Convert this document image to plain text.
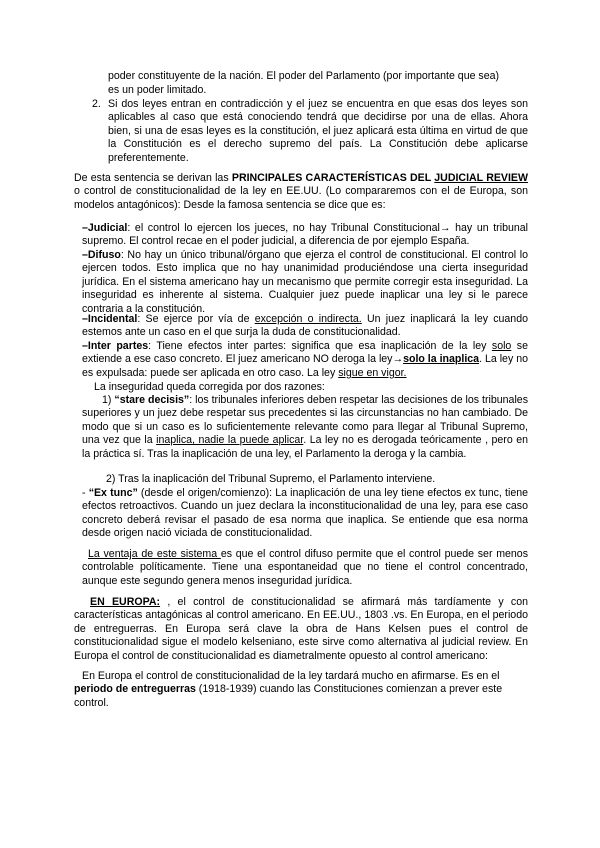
poder constituyente de la nación. El poder del Parlamento (por importante que sea)

es un poder limitado.

2. Si dos leyes entran en contradicción y el juez se encuentra en que esas dos leyes son aplicables al caso que está conociendo tendrá que decidirse por una de ellas. Ahora bien, si una de esas leyes es la constitución, el juez aplicará esta última en virtud de que la Constitución es el derecho supremo del país. La Constitución debe aplicarse preferentemente.

De esta sentencia se derivan las PRINCIPALES CARACTERÍSTICAS DEL JUDICIAL REVIEW o control de constitucionalidad de la ley en EE.UU. (Lo compararemos con el de Europa, son modelos antagónicos): Desde la famosa sentencia se dice que es:

–Judicial: el control lo ejercen los jueces, no hay Tribunal Constitucional→ hay un tribunal supremo. El control recae en el poder judicial, a diferencia de por ejemplo España.

–Difuso: No hay un único tribunal/órgano que ejerza el control de constitucional. El control lo ejercen todos. Esto implica que no hay unanimidad produciéndose una cierta inseguridad jurídica. En el sistema americano hay un mecanismo que permite corregir esta inseguridad. La inseguridad es inherente al sistema. Cualquier juez puede inaplicar una ley si le parece contraria a la constitución.

–Incidental: Se ejerce por vía de excepción o indirecta. Un juez inaplicará la ley cuando estemos ante un caso en el que surja la duda de constitucionalidad.

–Inter partes: Tiene efectos inter partes: significa que esa inaplicación de la ley solo se extiende a ese caso concreto. El juez americano NO deroga la ley→solo la inaplica. La ley no es expulsada: puede ser aplicada en otro caso. La ley sigue en vigor.

La inseguridad queda corregida por dos razones:

1) “stare decisis”: los tribunales inferiores deben respetar las decisiones de los tribunales superiores y un juez debe respetar sus precedentes si las circunstancias no han cambiado. De modo que si un caso es lo suficientemente relevante como para llegar al Tribunal Supremo, una vez que la inaplica, nadie la puede aplicar. La ley no es derogada teóricamente , pero en la práctica sí. Tras la inaplicación de una ley, el Parlamento la deroga y la cambia.

2) Tras la inaplicación del Tribunal Supremo, el Parlamento interviene.

- “Ex tunc” (desde el origen/comienzo): La inaplicación de una ley tiene efectos ex tunc, tiene efectos retroactivos. Cuando un juez declara la inconstitucionalidad de una ley, para ese caso concreto deberá revisar el pasado de esa norma que inaplica. Se entiende que esa norma desde origen nació viciada de constitucionalidad.

La ventaja de este sistema es que el control difuso permite que el control puede ser menos controlable políticamente. Tiene una espontaneidad que no tiene el control concentrado, aunque este segundo genera menos inseguridad jurídica.

EN EUROPA: , el control de constitucionalidad se afirmará más tardíamente y con características antagónicas al control americano. En EE.UU., 1803 .vs. En Europa, en el periodo de entreguerras. En Europa será clave la obra de Hans Kelsen pues el control de constitucionalidad sigue el modelo kelseniano, este sirve como alternativa al judicial review. En Europa el control de constitucionalidad es diametralmente opuesto al control americano:

En Europa el control de constitucionalidad de la ley tardará mucho en afirmarse. Es en el periodo de entreguerras (1918-1939) cuando las Constituciones comienzan a prever este control.
